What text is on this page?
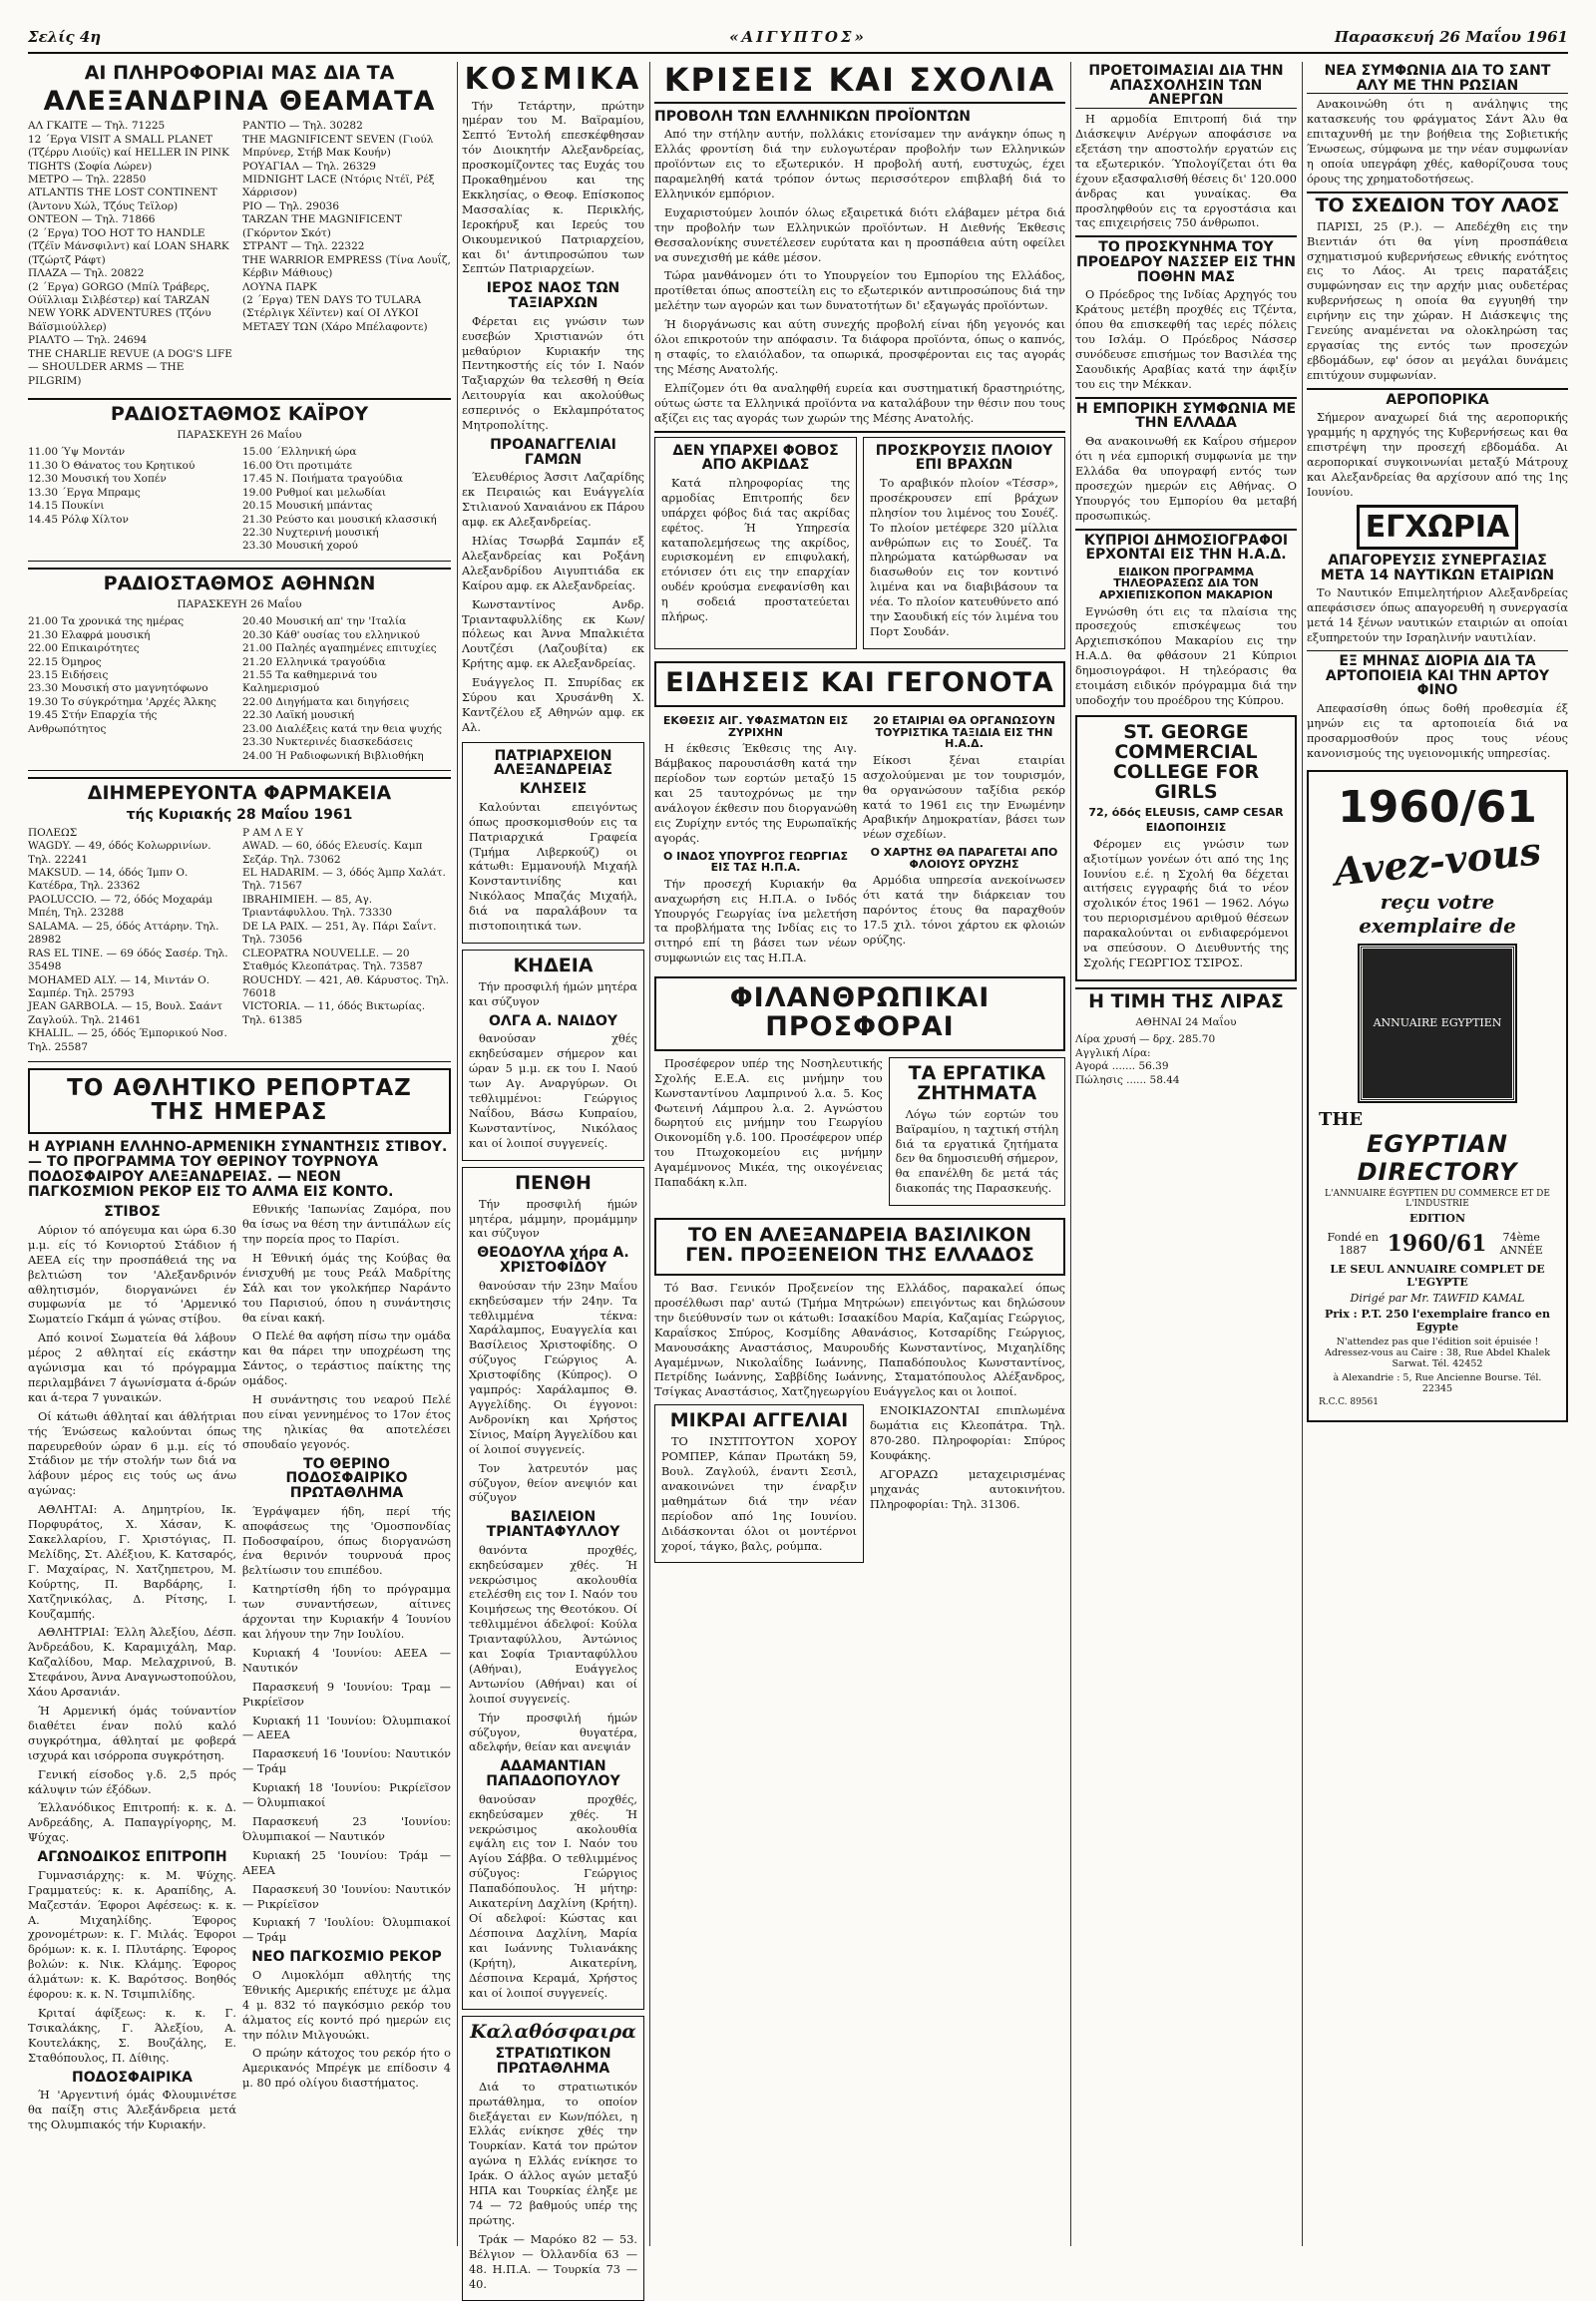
Σελίς 4η	«ΑΙΓΥΠΤΟΣ»	Παρασκευή 26 Μαΐου 1961
ΑΙ ΠΛΗΡΟΦΟΡΙΑΙ ΜΑΣ ΔΙΑ ΤΑ
ΑΛΕΞΑΝΔΡΙΝΑ ΘΕΑΜΑΤΑ
ΑΛ ΓΚΑΙΤΕ — Τηλ. 71225
12 ΄Εργα VISIT A SMALL PLANET (Τζέρρυ Λιούϊς) καί HELLER IN PINK TIGHTS (Σοφία Λώρεν)
ΜΕΤΡΟ — Τηλ. 22850
ATLANTIS THE LOST CONTINENT (Άντονυ Χώλ, Τζόυς Τεϊλορ)
ΟΝΤΕΟΝ — Τηλ. 71866
(2 ΄Εργα) TOO HOT TO HANDLE (Τζέϊν Μάνσφιλντ) καί LOAN SHARK (Τζώρτζ Ράφτ)
ΠΛΑΖΑ — Τηλ. 20822
(2 ΄Εργα) GORGO (Μπίλ Τράβερς, Ούϊλλιαμ Σιλβέστερ) καί TARZAN NEW YORK ADVENTURES (Τζόνυ Βάϊσμιούλλερ)
ΡΙΑΛΤΟ — Τηλ. 24694
THE CHARLIE REVUE (A DOG'S LIFE — SHOULDER ARMS — THE PILGRIM)
ΡΑΝΤΙΟ — Τηλ. 30282
THE MAGNIFICENT SEVEN (Γιούλ Μπρύνερ, Στήβ Μακ Κουήν)
ΡΟΥΑΓΙΑΛ — Τηλ. 26329
MIDNIGHT LACE (Ντόρις Ντέϊ, Ρέξ Χάρρισον)
ΡΙΟ — Τηλ. 29036
TARZAN THE MAGNIFICENT (Γκόρντον Σκότ)
ΣΤΡΑΝΤ — Τηλ. 22322
THE WARRIOR EMPRESS (Τίνα Λουΐζ, Κέρβιν Μάθιους)
ΛΟΥΝΑ ΠΑΡΚ
(2 ΄Εργα) TEN DAYS TO TULARA (Στέρλιγκ Χέϊντεν) καί ΟΙ ΛΥΚΟΙ ΜΕΤΑΞΥ ΤΩΝ (Χάρο Μπέλαφοντε)
ΡΑΔΙΟΣΤΑΘΜΟΣ ΚΑΪΡΟΥ
ΠΑΡΑΣΚΕΥΗ 26 Μαΐου
11.00 Ύψ Μοντάν
11.30 Ό Θάνατος του Κρητικού
12.30 Μουσική του Χοπέν
13.30 ΄Εργα Μπραμς
14.15 Πουκίνι
14.45 Ρόλφ Χίλτον
15.00 ΄Ελληνική ώρα
16.00 Ότι προτιμάτε
17.45 Ν. Ποιήματα τραγούδια
19.00 Ρυθμοί και μελωδίαι
20.15 Μουσική μπάντας
21.30 Ρεύστο και μουσική κλασσική
22.30 Νυχτερινή μουσική
23.30 Μουσική χορού
ΡΑΔΙΟΣΤΑΘΜΟΣ ΑΘΗΝΩΝ
ΠΑΡΑΣΚΕΥΗ 26 Μαΐου
21.00 Τα χρονικά της ημέρας
21.30 Ελαφρά μουσική
22.00 Επικαιρότητες
22.15 Όμηρος
23.15 Ειδήσεις
23.30 Μουσική στο μαγνητόφωνο
19.30 Το σύγκρότημα 'Αρχές Άλκης
19.45 Στήν Επαρχία τής Ανθρωπότητος
20.40 Μουσική απ' την 'Ιταλία
20.30 Κάθ' ουσίας του ελληνικού
21.00 Παληές αγαπημένες επιτυχίες
21.20 Ελληνικά τραγούδια
21.55 Τα καθημερινά του Καλημερισμού
22.00 Διηγήματα και διηγήσεις
22.30 Λαϊκή μουσική
23.00 Διαλέξεις κατά την θεια ψυχής
23.30 Νυκτερινές διασκεδάσεις
24.00 Ή Ραδιοφωνική Βιβλιοθήκη
ΔΙΗΜΕΡΕΥΟΝΤΑ ΦΑΡΜΑΚΕΙΑ
τής Κυριακής 28 Μαΐου 1961
ΠΟΛΕΩΣ
WAGDY. — 49, όδός Κολωρρινίων. Τηλ. 22241
MAKSUD. — 14, όδός Ίμπν Ο. Κατέδρα, Τηλ. 23362
PAOLUCCIO. — 72, όδός Μοχαράμ Μπέη, Τηλ. 23288
SALAMA. — 25, όδός Αττάρην. Τηλ. 28982
RAS EL TINE. — 69 όδός Σασέρ. Τηλ. 35498
MOHAMED ALY. — 14, Μιντάν Ο. Σαμπέρ. Τηλ. 25793
JEAN GARBOLA. — 15, Βουλ. Σαάντ Ζαγλούλ. Τηλ. 21461
KHALIL. — 25, όδός Έμπορικού Νοσ. Τηλ. 25587
Ρ ΑΜ Λ Ε Υ
AWAD. — 60, όδός Ελευσίς. Καμπ Σεζάρ. Τηλ. 73062
EL HADARIM. — 3, όδός Άμπρ Χαλάτ. Τηλ. 71567
IBRAHIMIEH. — 85, Αγ. Τριαντάφυλλου. Τηλ. 73330
DE LA PAIX. — 251, Άγ. Πάρι Σαΐντ. Τηλ. 73056
CLEOPATRA NOUVELLE. — 20 Σταθμός Κλεοπάτρας. Τηλ. 73587
ROUCHDY. — 421, Αθ. Κάρυστος. Τηλ. 76018
VICTORIA. — 11, όδός Βικτωρίας. Τηλ. 61385
ΤΟ ΑΘΛΗΤΙΚΟ ΡΕΠΟΡΤΑΖ ΤΗΣ ΗΜΕΡΑΣ
Η ΑΥΡΙΑΝΗ ΕΛΛΗΝΟ-ΑΡΜΕΝΙΚΗ ΣΥΝΑΝΤΗΣΙΣ ΣΤΙΒΟΥ. — ΤΟ ΠΡΟΓΡΑΜΜΑ ΤΟΥ ΘΕΡΙΝΟΥ ΤΟΥΡΝΟΥΑ ΠΟΔΟΣΦΑΙΡΟΥ ΑΛΕΞΑΝΔΡΕΙΑΣ. — ΝΕΟΝ ΠΑΓΚΟΣΜΙΟΝ ΡΕΚΟΡ ΕΙΣ ΤΟ ΑΛΜΑ ΕΙΣ ΚΟΝΤΟ.
ΣΤΙΒΟΣ

Αύριον τό απόγευμα και ώρα 6.30 μ.μ. είς τό Κονιορτού Στάδιον ή ΑΕΕΑ είς την προσπάθειά της να βελτιώση τον 'Αλεξανδρινόν αθλητισμόν, διοργανώνει έν συμφωνία με τό 'Αρμενικό Σωματείο Γκάμπ ά γώνας στίβου.

Από κοινοί Σωματεία θά λάβουν μέρος 2 αθληταί είς εκάστην αγώνισμα και τό πρόγραμμα περιλαμβάνει 7 άγωνίσματα ά-δρών και ά-τερα 7 γυναικών.

Οί κάτωθι άθληταί και άθλήτριαι τής Ένώσεως καλούνται όπως παρευρεθούν ώραν 6 μ.μ. είς τό Στάδιον με τήν στολήν των διά να λάβουν μέρος εις τούς ως άνω αγώνας:

ΑΘΛΗΤΑΙ: Α. Δημητρίου, Ικ. Πορφυράτος, Χ. Χάσαν, Κ. Σακελλαρίου, Γ. Χριστόγιας, Π. Μελίδης, Στ. Αλέξιου, Κ. Κατσαρός, Γ. Μαχαίρας, Ν. Χατζηπετρου, Μ. Κούρτης, Π. Βαρδάρης, Ι. Χατζηνικόλας, Δ. Ρίτσης, Ι. Κουζαμπής.

ΑΘΛΗΤΡΙΑΙ: Έλλη Άλεξίου, Δέσπ. Άνδρεάδου, Κ. Καραμιχάλη, Μαρ. Καζαλίδου, Μαρ. Μελαχρινού, Β. Στεφάνου, Άννα Αναγνωστοπούλου, Χάου Αρσανιάν.

Ή Αρμενική όμάς τούναντίον διαθέτει έναν πολύ καλό συγκρότημα, άθληταί με φοβερά ισχυρά και ισόρροπα συγκρότηση.

Γενική είσοδος γ.δ. 2,5 πρός κάλυψιν τών έξόδων.

Έλλανόδικος Επιτροπή: κ. κ. Δ. Ανδρεάδης, Α. Παπαγρίγορης, Μ. Ψύχας.

ΑΓΩΝΟΔΙΚΟΣ ΕΠΙΤΡΟΠΗ

Γυμνασιάρχης: κ. Μ. Ψύχης. Γραμματεύς: κ. κ. Αραπίδης, Α. Μαζεστάν. Έφοροι Αφέσεως: κ. κ. Α. Μιχαηλίδης. Έφορος χρονομέτρων: κ. Γ. Μιλάς. Έφοροι δρόμων: κ. κ. Ι. Πλυτάρης. Έφορος βολών: κ. Νικ. Κλάμης. Έφορος άλμάτων: κ. Κ. Βαρότσος. Βοηθός έφορου: κ. κ. Ν. Τσιμπιλίδης.

Κριταί άφίξεως: κ. κ. Γ. Τσικαλάκης, Γ. Άλεξίου, Α. Κουτελάκης, Σ. Βουζάλης, Ε. Σταθόπουλος, Π. Δίθιης.

ΠΟΔΟΣΦΑΙΡΙΚΑ

Ή 'Αργεντινή όμάς Φλουμινέτσε θα παίξη στις Άλεξάνδρεια μετά της Ολυμπιακός τήν Κυριακήν.

Εθνικής 'Ιαπωνίας Ζαμόρα, που θα ίσως να θέση την άντιπάλων είς την πορεία προς το Παρίσι.

Η Έθνική όμάς της Κούβας θα ένισχυθή με τους Ρεάλ Μαδρίτης Σάλ και τον γκολκήπερ Ναράντο του Παρισιού, όπου η συνάντησις θα είναι κακή.

Ο Πελέ θα αφήση πίσω την ομάδα και θα πάρει την υποχρέωση της Σάντος, ο τεράστιος παίκτης της ομάδος.

Η συνάντησις του νεαρού Πελέ που είναι γεννημένος το 17ον έτος της ηλικίας θα αποτελέσει σπουδαίο γεγονός.

ΤΟ ΘΕΡΙΝΟ ΠΟΔΟΣΦΑΙΡΙΚΟ ΠΡΩΤΑΘΛΗΜΑ

Έγράψαμεν ήδη, περί τής αποφάσεως της 'Ομοσπονδίας Ποδοσφαίρου, όπως διοργανώση ένα θερινόν τουρνουά προς βελτίωσιν του επιπέδου.

Κατηρτίσθη ήδη το πρόγραμμα των συναντήσεων, αίτινες άρχονται την Κυριακήν 4 Ίουνίου και λήγουν την 7ην Ιουλίου.

Κυριακή 4 'Ιουνίου: ΑΕΕΑ — Ναυτικόν

Παρασκευή 9 'Ιουνίου: Τραμ — Ρικρίεϊσον

Κυριακή 11 'Ιουνίου: Όλυμπιακοί — ΑΕΕΑ

Παρασκευή 16 'Ιουνίου: Ναυτικόν — Τράμ

Κυριακή 18 'Ιουνίου: Ρικρίεϊσον — Όλυμπιακοί

Παρασκευή 23 'Ιουνίου: Όλυμπιακοί — Ναυτικόν

Κυριακή 25 'Ιουνίου: Τράμ — ΑΕΕΑ

Παρασκευή 30 'Ιουνίου: Ναυτικόν — Ρικρίεϊσον

Κυριακή 7 'Ιουλίου: Όλυμπιακοί — Τράμ

ΝΕΟ ΠΑΓΚΟΣΜΙΟ ΡΕΚΟΡ

Ο Λιμοκλόμπ αθλητής της Έθνικής Αμερικής επέτυχε με άλμα 4 μ. 832 τό παγκόσμιο ρεκόρ του άλματος είς κοντό πρό ημερών εις την πόλιν Μιλγουώκι.

Ο πρώην κάτοχος του ρεκόρ ήτο ο Αμερικανός Μπρέγκ με επίδοσιν 4 μ. 80 πρό ολίγου διαστήματος.

ΚΟΣΜΙΚΑ

Τήν Τετάρτην, πρώτην ημέραν του Μ. Βαϊραμίου, Σεπτό Έντολή επεσκέφθησαν τόν Διοικητήν Αλεξανδρείας, προσκομίζοντες τας Ευχάς του Προκαθημένου και της Εκκλησίας, ο Θεοφ. Επίσκοπος Μασσαλίας κ. Περικλής, Ιεροκήρυξ και Ιερεύς του Οικουμενικού Πατριαρχείου, και δι' άντιπροσώπου των Σεπτών Πατριαρχείων.

ΙΕΡΟΣ ΝΑΟΣ ΤΩΝ ΤΑΞΙΑΡΧΩΝ

Φέρεται εις γνώσιν των ευσεβών Χριστιανών ότι μεθαύριον Κυριακήν της Πεντηκοστής είς τόν Ι. Ναόν Ταξιαρχών θα τελεσθή η Θεία Λειτουργία και ακολούθως εσπερινός ο Εκλαμπρότατος Μητροπολίτης.

ΠΡΟΑΝΑΓΓΕΛΙΑΙ ΓΑΜΩΝ

Έλευθέριος Άσσιτ Λαζαρίδης εκ Πειραιώς και Ευάγγελία Στιλιανού Χαναιάνου εκ Πάρου αμφ. εκ Αλεξανδρείας.

Ηλίας Τσωρβά Σαμπάν εξ Αλεξανδρείας και Ροξάνη Αλεξανδρίδου Αιγυπτιάδα εκ Καίρου αμφ. εκ Αλεξανδρείας.

Κωνσταντίνος Ανδρ. Τριανταφυλλίδης εκ Κων/πόλεως και Άννα Μπαλκιέτα Λουτζέσι (Λαζουβίτα) εκ Κρήτης αμφ. εκ Αλεξανδρείας.

Ευάγγελος Π. Σπυρίδας εκ Σύρου και Χρυσάνθη Χ. Καντζέλου εξ Αθηνών αμφ. εκ Αλ.

ΠΑΤΡΙΑΡΧΕΙΟΝ ΑΛΕΞΑΝΔΡΕΙΑΣ
ΚΛΗΣΕΙΣ

Καλούνται επειγόντως όπως προσκομισθούν εις τα Πατριαρχικά Γραφεία (Τμήμα Λιβερκούζ) οι κάτωθι: Εμμανουήλ Μιχαήλ Κονσταντινίδης και Νικόλαος Μπαζάς Μιχαήλ, διά να παραλάβουν τα πιστοποιητικά των.

ΚΗΔΕΙΑ

Τήν προσφιλή ήμών μητέρα και σύζυγον

ΟΛΓΑ Α. ΝΑΙΔΟΥ

θανούσαν χθές εκηδεύσαμεν σήμερον και ώραν 5 μ.μ. εκ του Ι. Ναού των Αγ. Αναργύρων. Οι τεθλιμμένοι: Γεώργιος Ναΐδου, Βάσω Κυπραίου, Κωνσταντίνος, Νικόλαος και οί λοιποί συγγενείς.

ΠΕΝΘΗ

Τήν προσφιλή ήμών μητέρα, μάμμην, προμάμμην και σύζυγον

ΘΕΟΔΟΥΛΑ χήρα Α. ΧΡΙΣΤΟΦΙΔΟΥ

θανούσαν τήν 23ην Μαΐου εκηδεύσαμεν τήν 24ην. Τα τεθλιμμένα τέκνα: Χαράλαμπος, Ευαγγελία και Βασίλειος Χριστοφίδης. Ο σύζυγος Γεώργιος Α. Χριστοφίδης (Κύπρος). Ο γαμπρός: Χαράλαμπος Θ. Αγγελίδης. Οι έγγονοι: Ανδρονίκη και Χρήστος Σίνιος, Μαίρη Άγγελίδου και οί λοιποί συγγενείς.

Τον λατρευτόν μας σύζυγον, θείον ανεψιόν και σύζυγον

ΒΑΣΙΛΕΙΟΝ ΤΡΙΑΝΤΑΦΥΛΛΟΥ

θανόντα προχθές, εκηδεύσαμεν χθές. Ή νεκρώσιμος ακολουθία ετελέσθη εις τον Ι. Ναόν του Κοιμήσεως της Θεοτόκου. Οί τεθλιμμένοι άδελφοί: Κούλα Τριανταφύλλου, Άντώνιος και Σοφία Τριανταφύλλου (Αθήναι), Ευάγγελος Αντωνίου (Αθήναι) και οί λοιποί συγγενείς.

Τήν προσφιλή ήμών σύζυγον, θυγατέρα, αδελφήν, θείαν και ανεψιάν

ΑΔΑΜΑΝΤΙΑΝ ΠΑΠΑΔΟΠΟΥΛΟΥ

θανούσαν προχθές, εκηδεύσαμεν χθές. Ή νεκρώσιμος ακολουθία εψάλη εις τον Ι. Ναόν του Αγίου Σάββα. Ο τεθλιμμένος σύζυγος: Γεώργιος Παπαδόπουλος. Ή μήτηρ: Αικατερίνη Δαχλίνη (Κρήτη). Οί αδελφοί: Κώστας και Δέσποινα Δαχλίνη, Μαρία και Ιωάννης Τυλιανάκης (Κρήτη), Αικατερίνη, Δέσποινα Κεραμά, Χρήστος και οί λοιποί συγγενείς.

Καλαθόσφαιρα
ΣΤΡΑΤΙΩΤΙΚΟΝ ΠΡΩΤΑΘΛΗΜΑ

Διά το στρατιωτικόν πρωτάθλημα, το οποίον διεξάγεται εν Κων/πόλει, η Ελλάς ενίκησε χθές την Τουρκίαν. Κατά τον πρώτον αγώνα η Ελλάς ενίκησε το Ιράκ. Ο άλλος αγών μεταξύ ΗΠΑ και Τουρκίας έληξε με 74 — 72 βαθμούς υπέρ της πρώτης.

Τράκ — Μαρόκο 82 — 53. Βέλγιον — Όλλανδία 63 — 48. Η.Π.Α. — Τουρκία 73 — 40.

ΚΡΙΣΕΙΣ ΚΑΙ ΣΧΟΛΙΑ
ΠΡΟΒΟΛΗ ΤΩΝ ΕΛΛΗΝΙΚΩΝ ΠΡΟΪΟΝΤΩΝ

Από την στήλην αυτήν, πολλάκις ετονίσαμεν την ανάγκην όπως η Ελλάς φροντίση διά την ευλογωτέραν προβολήν των Ελληνικών προϊόντων εις το εξωτερικόν. Η προβολή αυτή, ευστυχώς, έχει παραμεληθή κατά τρόπον όντως περισσότερον επιβλαβή διά το Ελληνικόν εμπόριον.

Ευχαριστούμεν λοιπόν όλως εξαιρετικά διότι ελάβαμεν μέτρα διά την προβολήν των Ελληνικών προϊόντων. Η Διεθνής Έκθεσις Θεσσαλονίκης συνετέλεσεν ευρύτατα και η προσπάθεια αύτη οφείλει να συνεχισθή με κάθε μέσον.

Τώρα μανθάνομεν ότι το Υπουργείον του Εμπορίου της Ελλάδος, προτίθεται όπως αποστείλη εις το εξωτερικόν αντιπροσώπους διά την μελέτην των αγορών και των δυνατοτήτων δι' εξαγωγάς προϊόντων.

Ή διοργάνωσις και αύτη συνεχής προβολή είναι ήδη γεγονός και όλοι επικροτούν την απόφασιν. Τα διάφορα προϊόντα, όπως ο καπνός, η σταφίς, το ελαιόλαδον, τα οπωρικά, προσφέρονται εις τας αγοράς της Μέσης Ανατολής.

Ελπίζομεν ότι θα αναληφθή ευρεία και συστηματική δραστηριότης, ούτως ώστε τα Ελληνικά προϊόντα να καταλάβουν την θέσιν που τους αξίζει εις τας αγοράς των χωρών της Μέσης Ανατολής.

ΔΕΝ ΥΠΑΡΧΕΙ ΦΟΒΟΣ ΑΠΟ ΑΚΡΙΔΑΣ

Κατά πληροφορίας της αρμοδίας Επιτροπής δεν υπάρχει φόβος διά τας ακρίδας εφέτος. Ή Υπηρεσία καταπολεμήσεως της ακρίδος, ευρισκομένη εν επιφυλακή, ετόνισεν ότι εις την επαρχίαν ουδέν κρούσμα ενεφανίσθη και η σοδειά προστατεύεται πλήρως.

ΠΡΟΣΚΡΟΥΣΙΣ ΠΛΟΙΟΥ ΕΠΙ ΒΡΑΧΩΝ

Το αραβικόν πλοίον «Τέσσρ», προσέκρουσεν επί βράχων πλησίον του λιμένος του Σουέζ. Το πλοίον μετέφερε 320 μίλλια ανθρώπων εις το Σουέζ. Τα πληρώματα κατώρθωσαν να διασωθούν εις τον κοντινό λιμένα και να διαβιβάσουν τα νέα. Το πλοίον κατευθύνετο από την Σαουδική είς τόν λιμένα του Πορτ Σουδάν.

ΕΙΔΗΣΕΙΣ ΚΑΙ ΓΕΓΟΝΟΤΑ
ΕΚΘΕΣΙΣ ΑΙΓ. ΥΦΑΣΜΑΤΩΝ ΕΙΣ ΖΥΡΙΧΗΝ

Η έκθεσις Έκθεσις της Αιγ. Βάμβακος παρουσιάσθη κατά την περίοδον των εορτών μεταξύ 15 και 25 ταυτοχρόνως με την ανάλογον έκθεσιν που διοργανώθη εις Ζυρίχην εντός της Ευρωπαϊκής αγοράς.

Ο ΙΝΔΟΣ ΥΠΟΥΡΓΟΣ ΓΕΩΡΓΙΑΣ ΕΙΣ ΤΑΣ Η.Π.Α.

Τήν προσεχή Κυριακήν θα αναχωρήση εις Η.Π.Α. ο Ινδός Υπουργός Γεωργίας ίνα μελετήση τα προβλήματα της Ινδίας εις το σιτηρό επί τη βάσει των νέων συμφωνιών εις τας Η.Π.Α.

20 ΕΤΑΙΡΙΑΙ ΘΑ ΟΡΓΑΝΩΣΟΥΝ ΤΟΥΡΙΣΤΙΚΑ ΤΑΞΙΔΙΑ ΕΙΣ ΤΗΝ Η.Α.Δ.

Είκοσι ξέναι εταιρίαι ασχολούμεναι με τον τουρισμόν, θα οργανώσουν ταξίδια ρεκόρ κατά το 1961 εις την Ενωμένην Αραβικήν Δημοκρατίαν, βάσει των νέων σχεδίων.

Ο ΧΑΡΤΗΣ ΘΑ ΠΑΡΑΓΕΤΑΙ ΑΠΟ ΦΛΟΙΟΥΣ ΟΡΥΖΗΣ

Αρμόδια υπηρεσία ανεκοίνωσεν ότι κατά την διάρκειαν του παρόντος έτους θα παραχθούν 17.5 χιλ. τόνοι χάρτου εκ φλοιών ορύζης.

ΦΙΛΑΝΘΡΩΠΙΚΑΙ ΠΡΟΣΦΟΡΑΙ

Προσέφερον υπέρ της Νοσηλευτικής Σχολής Ε.Ε.Α. εις μνήμην του Κωνσταντίνου Λαμπρινού λ.α. 5. Κος Φωτεινή Λάμπρου λ.α. 2. Αγνώστου δωρητού εις μνήμην του Γεωργίου Οικονομίδη γ.δ. 100. Προσέφερον υπέρ του Πτωχοκομείου εις μνήμην Αγαμέμνονος Μικέα, της οικογένειας Παπαδάκη κ.λπ.

ΤΑ ΕΡΓΑΤΙΚΑ ΖΗΤΗΜΑΤΑ

Λόγω τών εορτών του Βαϊραμίου, η ταχτική στήλη διά τα εργατικά ζητήματα δεν θα δημοσιευθή σήμερον, θα επανέλθη δε μετά τάς διακοπάς της Παρασκευής.

ΤΟ ΕΝ ΑΛΕΞΑΝΔΡΕΙΑ ΒΑΣΙΛΙΚΟΝ ΓΕΝ. ΠΡΟΞΕΝΕΙΟΝ ΤΗΣ ΕΛΛΑΔΟΣ

Τό Βασ. Γενικόν Προξενείον της Ελλάδος, παρακαλεί όπως προσέλθωσι παρ' αυτώ (Τμήμα Μητρώων) επειγόντως και δηλώσουν την διεύθυνσίν των οι κάτωθι: Ισαακίδου Μαρία, Καζαμίας Γεώργιος, Καραΐσκος Σπύρος, Κοσμίδης Αθανάσιος, Κοτσαρίδης Γεώργιος, Μανουσάκης Αναστάσιος, Μαυρουδής Κωνσταντίνος, Μιχαηλίδης Αγαμέμνων, Νικολαΐδης Ιωάννης, Παπαδόπουλος Κωνσταντίνος, Πετρίδης Ιωάννης, Σαββίδης Ιωάννης, Σταματόπουλος Αλέξανδρος, Τσίγκας Αναστάσιος, Χατζηγεωργίου Ευάγγελος και οι λοιποί.

ΜΙΚΡΑΙ ΑΓΓΕΛΙΑΙ

ΤΟ ΙΝΣΤΙΤΟΥΤΟΝ ΧΟΡΟΥ ΡΟΜΠΕΡ, Κάπαν Πρωτάκη 59, Βουλ. Ζαγλούλ, έναντι Σεσιλ, ανακοινώνει την έναρξιν μαθημάτων διά την νέαν περίοδον από 1ης Ιουνίου. Διδάσκονται όλοι οι μοντέρνοι χοροί, τάγκο, βαλς, ρούμπα.

ΕΝΟΙΚΙΑΖΟΝΤΑΙ επιπλωμένα δωμάτια εις Κλεοπάτρα. Τηλ. 870-280. Πληροφορίαι: Σπύρος Κουφάκης.

ΑΓΟΡΑΖΩ μεταχειρισμένας μηχανάς αυτοκινήτου. Πληροφορίαι: Τηλ. 31306.

ΠΡΟΕΤΟΙΜΑΣΙΑΙ ΔΙΑ ΤΗΝ ΑΠΑΣΧΟΛΗΣΙΝ ΤΩΝ ΑΝΕΡΓΩΝ

Η αρμοδία Επιτροπή διά την Διάσκεψιν Ανέργων αποφάσισε να εξετάση την αποστολήν εργατών εις τα εξωτερικόν. Ύπολογίζεται ότι θα έχουν εξασφαλισθή θέσεις δι' 120.000 άνδρας και γυναίκας. Θα προσληφθούν εις τα εργοστάσια και τας επιχειρήσεις 750 άνθρωποι.

ΤΟ ΠΡΟΣΚΥΝΗΜΑ ΤΟΥ ΠΡΟΕΔΡΟΥ ΝΑΣΣΕΡ ΕΙΣ ΤΗΝ ΠΟΘΗΝ ΜΑΣ

Ο Πρόεδρος της Ινδίας Αρχηγός του Κράτους μετέβη προχθές εις Τζέντα, όπου θα επισκεφθή τας ιερές πόλεις του Ισλάμ. Ο Πρόεδρος Νάσσερ συνόδευσε επισήμως τον Βασιλέα της Σαουδικής Αραβίας κατά την άφιξίν του εις την Μέκκαν.

Η ΕΜΠΟΡΙΚΗ ΣΥΜΦΩΝΙΑ ΜΕ ΤΗΝ ΕΛΛΑΔΑ

Θα ανακοινωθή εκ Καΐρου σήμερον ότι η νέα εμπορική συμφωνία με την Ελλάδα θα υπογραφή εντός των προσεχών ημερών εις Αθήνας. Ο Υπουργός του Εμπορίου θα μεταβή προσωπικώς.

ΚΥΠΡΙΟΙ ΔΗΜΟΣΙΟΓΡΑΦΟΙ ΕΡΧΟΝΤΑΙ ΕΙΣ ΤΗΝ Η.Α.Δ.
ΕΙΔΙΚΟΝ ΠΡΟΓΡΑΜΜΑ ΤΗΛΕΟΡΑΣΕΩΣ ΔΙΑ ΤΟΝ ΑΡΧΙΕΠΙΣΚΟΠΟΝ ΜΑΚΑΡΙΟΝ

Εγνώσθη ότι εις τα πλαίσια της προσεχούς επισκέψεως του Αρχιεπισκόπου Μακαρίου εις την Η.Α.Δ. θα φθάσουν 21 Κύπριοι δημοσιογράφοι. Η τηλεόρασις θα ετοιμάση ειδικόν πρόγραμμα διά την υποδοχήν του προέδρου της Κύπρου.

ST. GEORGE COMMERCIAL COLLEGE FOR GIRLS
72, όδός ELEUSIS, CAMP CESAR
ΕΙΔΟΠΟΙΗΣΙΣ

Φέρομεν εις γνώσιν των αξιοτίμων γονέων ότι από της 1ης Ιουνίου ε.έ. η Σχολή θα δέχεται αιτήσεις εγγραφής διά το νέον σχολικόν έτος 1961 — 1962. Λόγω του περιορισμένου αριθμού θέσεων παρακαλούνται οι ενδιαφερόμενοι να σπεύσουν. Ο Διευθυντής της Σχολής ΓΕΩΡΓΙΟΣ ΤΣΙΡΟΣ.

Η ΤΙΜΗ ΤΗΣ ΛΙΡΑΣ
ΑΘΗΝΑΙ 24 Μαΐου
Λίρα χρυσή — δρχ. 285.70
Αγγλική Λίρα:
Αγορά ....... 56.39
Πώλησις ...... 58.44
ΝΕΑ ΣΥΜΦΩΝΙΑ ΔΙΑ ΤΟ ΣΑΝΤ ΑΛΥ ΜΕ ΤΗΝ ΡΩΣΙΑΝ

Ανακοινώθη ότι η ανάληψις της κατασκευής του φράγματος Σάντ Άλυ θα επιταχυνθή με την βοήθεια της Σοβιετικής Ένωσεως, σύμφωνα με την νέαν συμφωνίαν η οποία υπεγράφη χθές, καθορίζουσα τους όρους της χρηματοδοτήσεως.

ΤΟ ΣΧΕΔΙΟΝ ΤΟΥ ΛΑΟΣ

ΠΑΡΙΣΙ, 25 (Ρ.). — Απεδέχθη εις την Βιεντιάν ότι θα γίνη προσπάθεια σχηματισμού κυβερνήσεως εθνικής ενότητος εις το Λάος. Αι τρεις παρατάξεις συμφώνησαν εις την αρχήν μιας ουδετέρας κυβερνήσεως η οποία θα εγγυηθή την ειρήνην εις την χώραν. Η Διάσκεψις της Γενεύης αναμένεται να ολοκληρώση τας εργασίας της εντός των προσεχών εβδομάδων, εφ' όσον αι μεγάλαι δυνάμεις επιτύχουν συμφωνίαν.

ΑΕΡΟΠΟΡΙΚΑ

Σήμερον αναχωρεί διά της αεροπορικής γραμμής η αρχηγός της Κυβερνήσεως και θα επιστρέψη την προσεχή εβδομάδα. Αι αεροπορικαί συγκοινωνίαι μεταξύ Μάτρουχ και Αλεξανδρείας θα αρχίσουν από της 1ης Ιουνίου.

ΕΓΧΩΡΙΑ
ΑΠΑΓΟΡΕΥΣΙΣ ΣΥΝΕΡΓΑΣΙΑΣ ΜΕΤΑ 14 ΝΑΥΤΙΚΩΝ ΕΤΑΙΡΙΩΝ

Το Ναυτικόν Επιμελητήριον Αλεξανδρείας απεφάσισεν όπως απαγορευθή η συνεργασία μετά 14 ξένων ναυτικών εταιριών αι οποίαι εξυπηρετούν την Ισραηλινήν ναυτιλίαν.

ΕΞ ΜΗΝΑΣ ΔΙΟΡΙΑ ΔΙΑ ΤΑ ΑΡΤΟΠΟΙΕΙΑ ΚΑΙ ΤΗΝ ΑΡΤΟΥ ΦΙΝΟ

Απεφασίσθη όπως δοθή προθεσμία έξ μηνών εις τα αρτοποιεία διά να προσαρμοσθούν προς τους νέους κανονισμούς της υγειονομικής υπηρεσίας.

1960/61
Avez-vous
reçu votre exemplaire de
ANNUAIRE EGYPTIEN
THE
EGYPTIAN DIRECTORY
L'ANNUAIRE ÉGYPTIEN DU COMMERCE ET DE L'INDUSTRIE
EDITION
Fondé en 1887 1960/61	74ème ANNÉE
LE SEUL ANNUAIRE COMPLET DE L'EGYPTE
Dirigé par Mr. TAWFID KAMAL
Prix : P.T. 250 l'exemplaire franco en Egypte
N'attendez pas que l'édition soit épuisée ! Adressez-vous au Caire : 38, Rue Abdel Khalek Sarwat. Tél. 42452
à Alexandrie : 5, Rue Ancienne Bourse. Tél. 22345
R.C.C. 89561
